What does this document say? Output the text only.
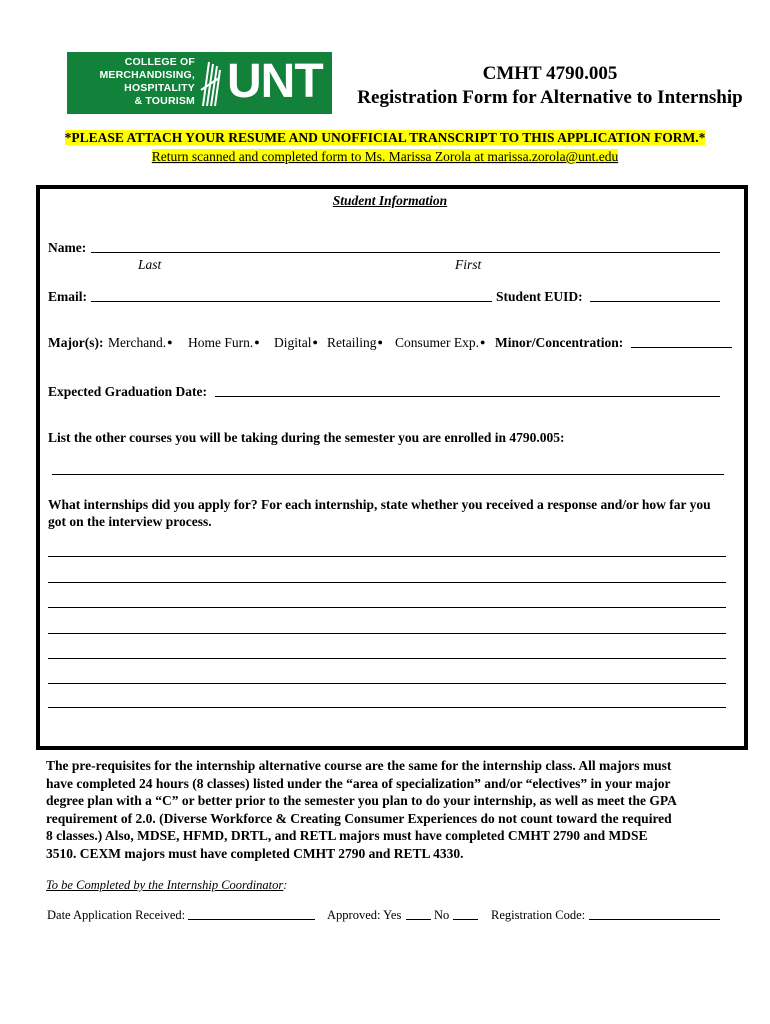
COLLEGE OF
MERCHANDISING,
HOSPITALITY
& TOURISM UNT	®
CMHT 4790.005
Registration Form for Alternative to Internship
*PLEASE ATTACH YOUR RESUME AND UNOFFICIAL TRANSCRIPT TO THIS APPLICATION FORM.*
Return scanned and completed form to Ms. Marissa Zorola at marissa.zorola@unt.edu
Student Information
Name:
Last	First
Email:	Student EUID:
Major(s): Merchand.● Home Furn.● Digital● Retailing● Consumer Exp.● Minor/Concentration:
Expected Graduation Date:
List the other courses you will be taking during the semester you are enrolled in 4790.005:
What internships did you apply for? For each internship, state whether you received a response and/or how far you
got on the interview process.
The pre-requisites for the internship alternative course are the same for the internship class. All majors must
have completed 24 hours (8 classes) listed under the “area of specialization” and/or “electives” in your major
degree plan with a “C” or better prior to the semester you plan to do your internship, as well as meet the GPA
requirement of 2.0. (Diverse Workforce & Creating Consumer Experiences do not count toward the required
8 classes.) Also, MDSE, HFMD, DRTL, and RETL majors must have completed CMHT 2790 and MDSE
3510. CEXM majors must have completed CMHT 2790 and RETL 4330.
To be Completed by the Internship Coordinator:
Date Application Received:	Approved: Yes	No	Registration Code:
